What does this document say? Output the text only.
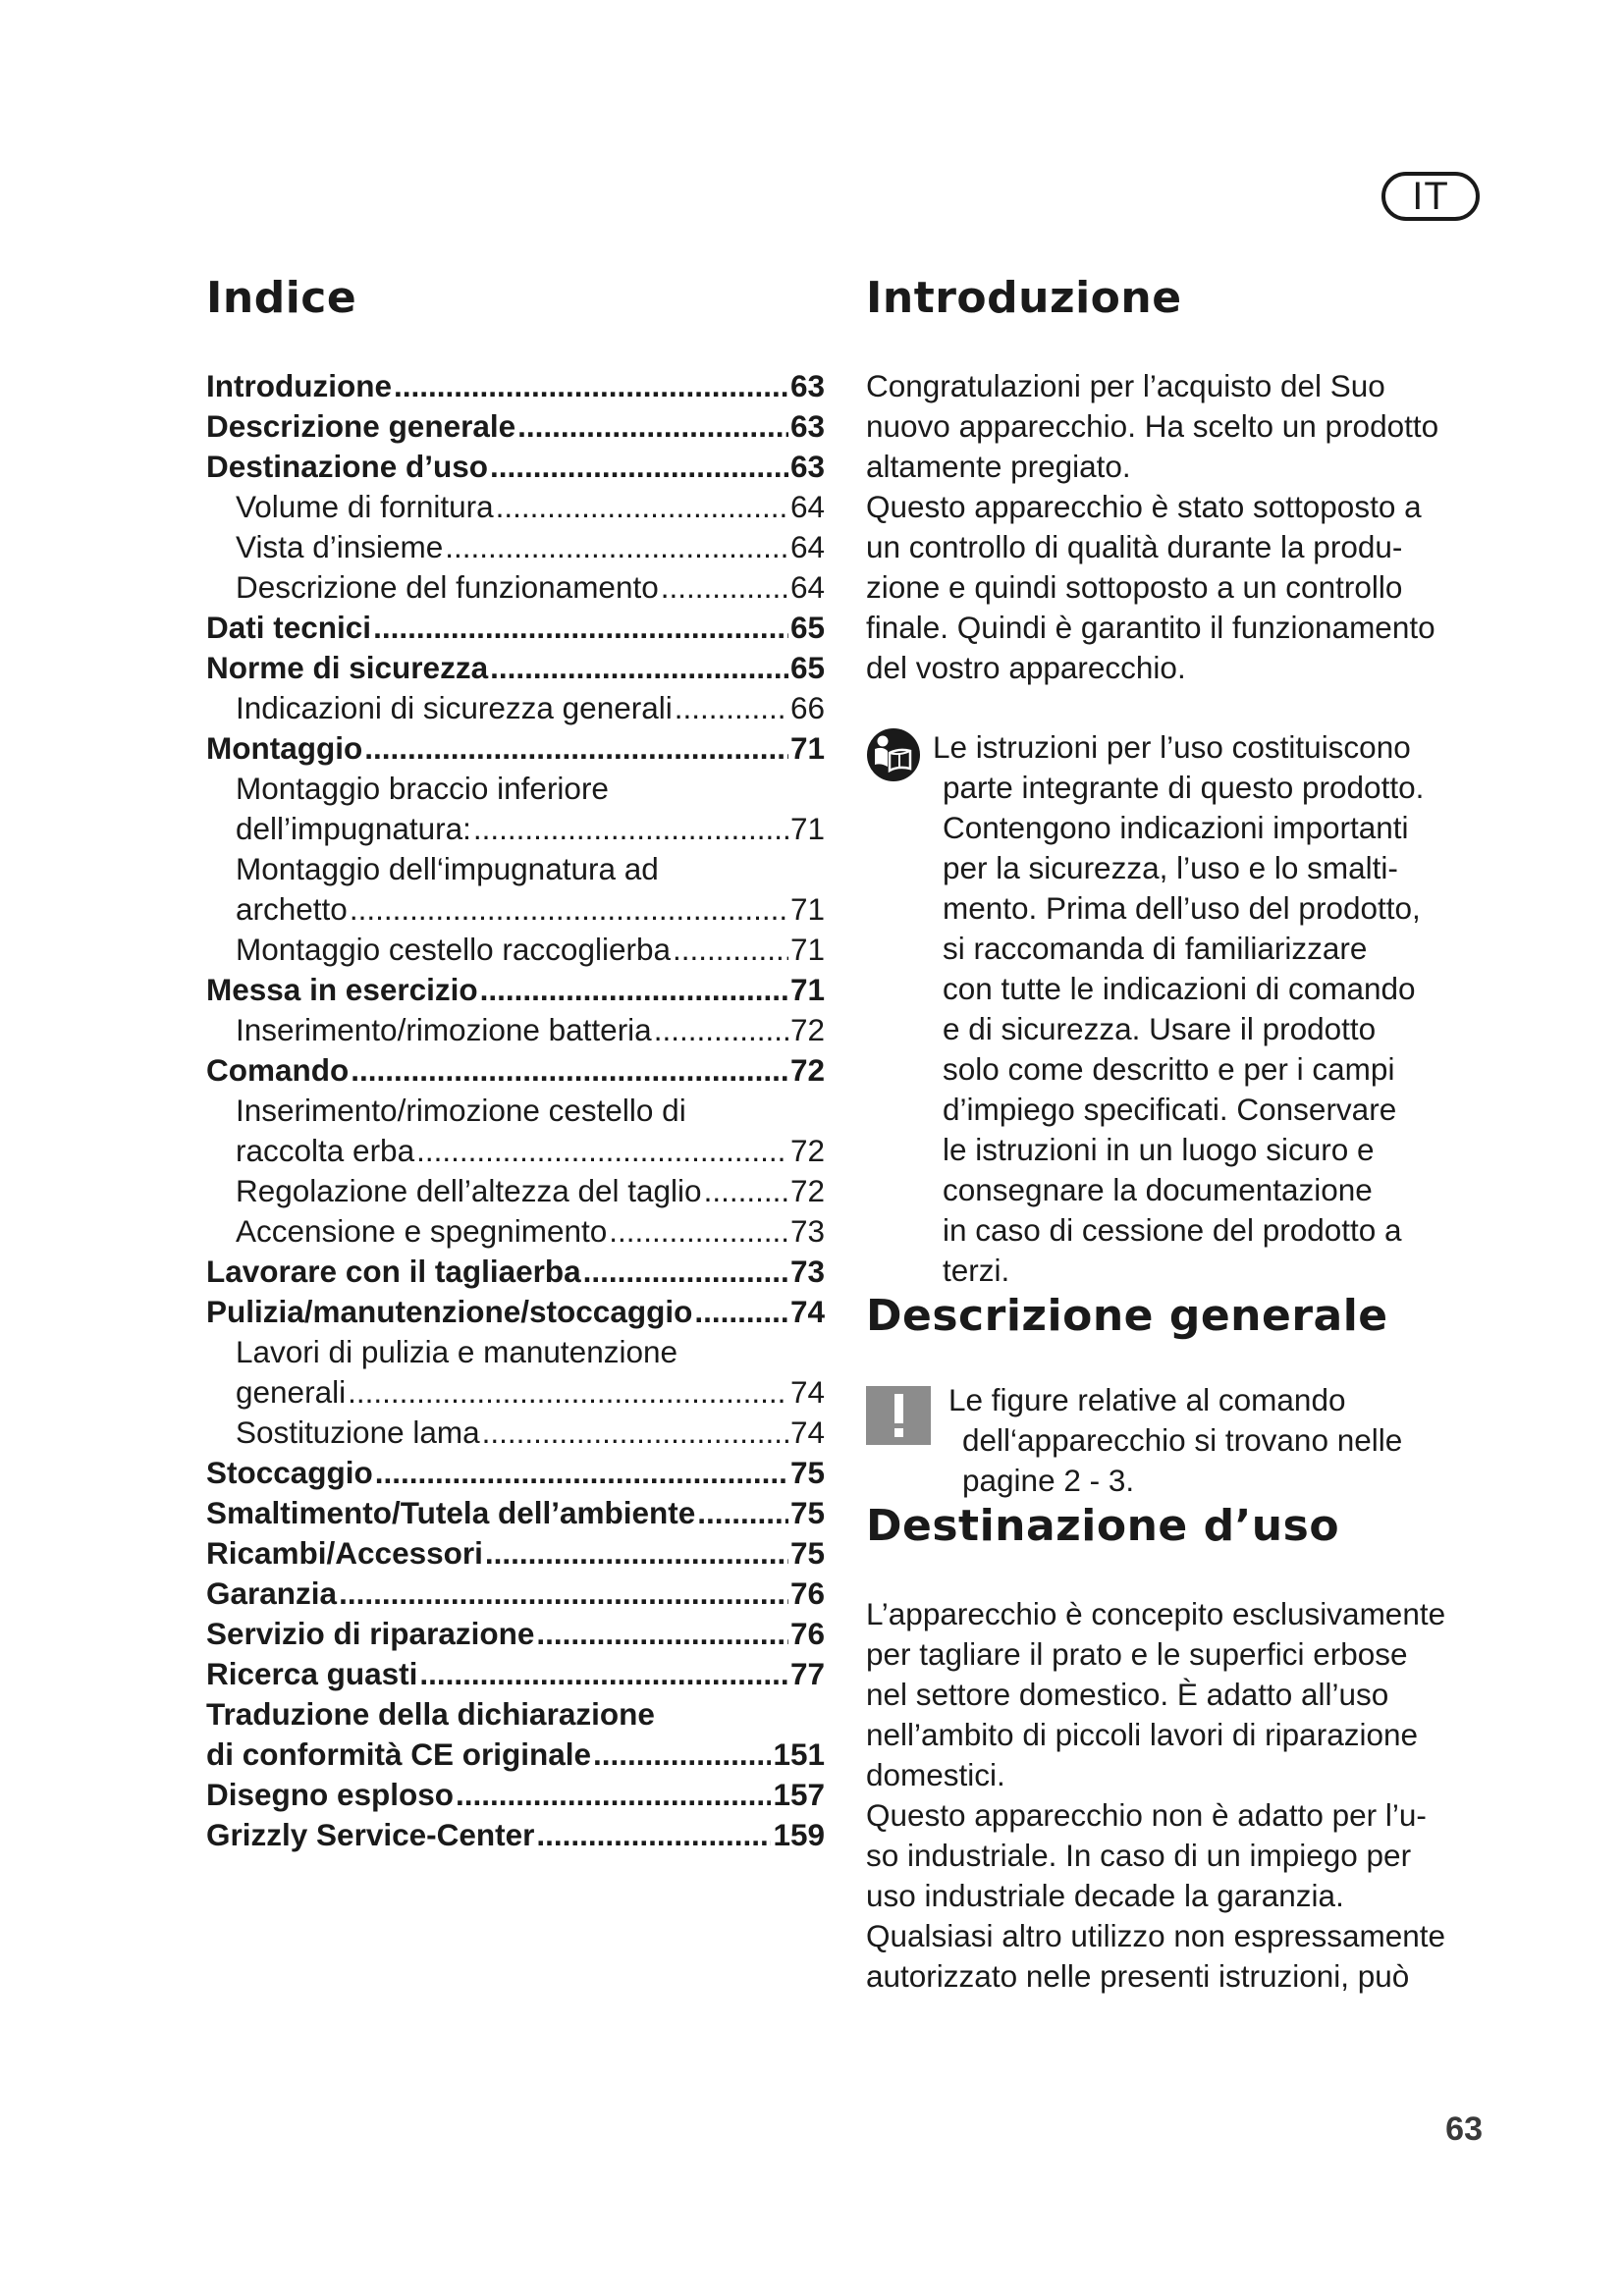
IT
Indice
Introduzione .....	63
Descrizione generale .....	63
Destinazione d’uso .....	63
Volume di fornitura .....	64
Vista d’insieme .....	64
Descrizione del funzionamento .....	64
Dati tecnici .....	65
Norme di sicurezza .....	65
Indicazioni di sicurezza generali .....	66
Montaggio .....	71
Montaggio braccio inferiore
dell’impugnatura: .....	71
Montaggio dell‘impugnatura ad
archetto .....	71
Montaggio cestello raccoglierba .....	71
Messa in esercizio .....	71
Inserimento/rimozione batteria .....	72
Comando .....	72
Inserimento/rimozione cestello di
raccolta erba .....	72
Regolazione dell’altezza del taglio .....	72
Accensione e spegnimento .....	73
Lavorare con il tagliaerba .....	73
Pulizia/manutenzione/stoccaggio .....	74
Lavori di pulizia e manutenzione
generali .....	74
Sostituzione lama .....	74
Stoccaggio .....	75
Smaltimento/Tutela dell’ambiente .....	75
Ricambi/Accessori .....	75
Garanzia .....	76
Servizio di riparazione .....	76
Ricerca guasti .....	77
Traduzione della dichiarazione
di conformità CE originale .....	151
Disegno esploso .....	157
Grizzly Service-Center .....	159
Introduzione

Congratulazioni per l’acquisto del Suo

nuovo apparecchio. Ha scelto un prodotto

altamente pregiato.

Questo apparecchio è stato sottoposto a

un controllo di qualità durante la produ-

zione e quindi sottoposto a un controllo

finale. Quindi è garantito il funzionamento

del vostro apparecchio.

Le istruzioni per l’uso costituiscono
parte integrante di questo prodotto.
Contengono indicazioni importanti
per la sicurezza, l’uso e lo smalti-
mento. Prima dell’uso del prodotto,
si raccomanda di familiarizzare
con tutte le indicazioni di comando
e di sicurezza. Usare il prodotto
solo come descritto e per i campi
d’impiego specificati. Conservare
le istruzioni in un luogo sicuro e
consegnare la documentazione
in caso di cessione del prodotto a
terzi.
Descrizione generale
Le figure relative al comando
dell‘apparecchio si trovano nelle
pagine 2 - 3.
Destinazione d’uso

L’apparecchio è concepito esclusivamente

per tagliare il prato e le superfici erbose

nel settore domestico. È adatto all’uso

nell’ambito di piccoli lavori di riparazione

domestici.

Questo apparecchio non è adatto per l’u-

so industriale. In caso di un impiego per

uso industriale decade la garanzia.

Qualsiasi altro utilizzo non espressamente

autorizzato nelle presenti istruzioni, può

63
